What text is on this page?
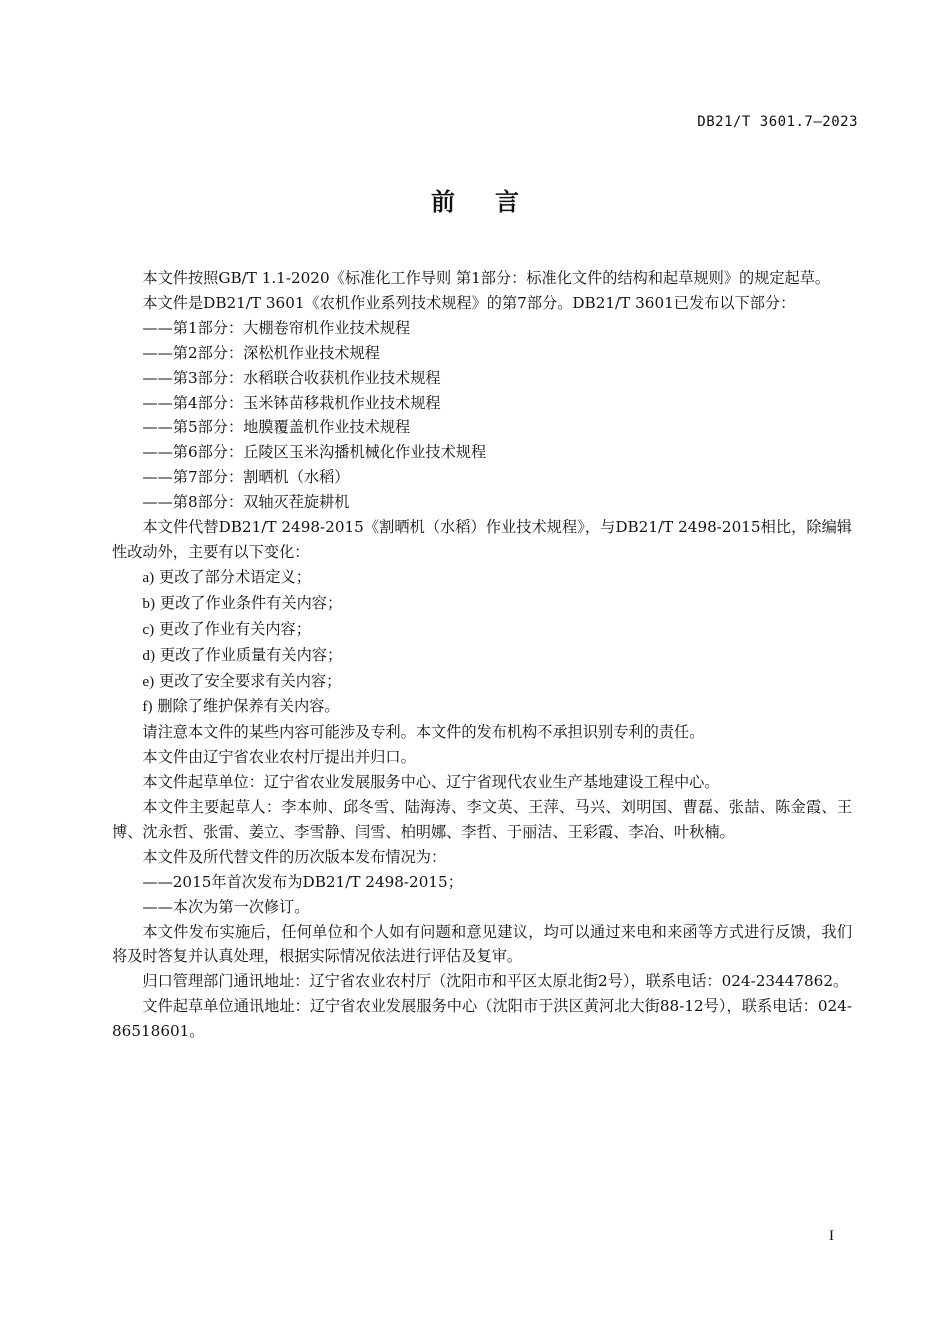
DB21/T 3601.7—2023
前言

本文件按照GB/T 1.1-2020《标准化工作导则 第1部分：标准化文件的结构和起草规则》的规定起草。

本文件是DB21/T 3601《农机作业系列技术规程》的第7部分。DB21/T 3601已发布以下部分：

——第1部分：大棚卷帘机作业技术规程

——第2部分：深松机作业技术规程

——第3部分：水稻联合收获机作业技术规程

——第4部分：玉米钵苗移栽机作业技术规程

——第5部分：地膜覆盖机作业技术规程

——第6部分：丘陵区玉米沟播机械化作业技术规程

——第7部分：割晒机（水稻）

——第8部分：双轴灭茬旋耕机

本文件代替DB21/T 2498-2015《割晒机（水稻）作业技术规程》，与DB21/T 2498-2015相比，除编辑性改动外，主要有以下变化：

a) 更改了部分术语定义；

b) 更改了作业条件有关内容；

c) 更改了作业有关内容；

d) 更改了作业质量有关内容；

e) 更改了安全要求有关内容；

f) 删除了维护保养有关内容。

请注意本文件的某些内容可能涉及专利。本文件的发布机构不承担识别专利的责任。

本文件由辽宁省农业农村厅提出并归口。

本文件起草单位：辽宁省农业发展服务中心、辽宁省现代农业生产基地建设工程中心。

本文件主要起草人：李本帅、邱冬雪、陆海涛、李文英、王萍、马兴、刘明国、曹磊、张喆、陈金霞、王博、沈永哲、张雷、姜立、李雪静、闫雪、柏明娜、李哲、于丽洁、王彩霞、李冶、叶秋楠。

本文件及所代替文件的历次版本发布情况为：

——2015年首次发布为DB21/T 2498-2015；

——本次为第一次修订。

本文件发布实施后，任何单位和个人如有问题和意见建议，均可以通过来电和来函等方式进行反馈，我们将及时答复并认真处理，根据实际情况依法进行评估及复审。

归口管理部门通讯地址：辽宁省农业农村厅（沈阳市和平区太原北街2号），联系电话：024-23447862。

文件起草单位通讯地址：辽宁省农业发展服务中心（沈阳市于洪区黄河北大街88-12号），联系电话：024-86518601。

I
